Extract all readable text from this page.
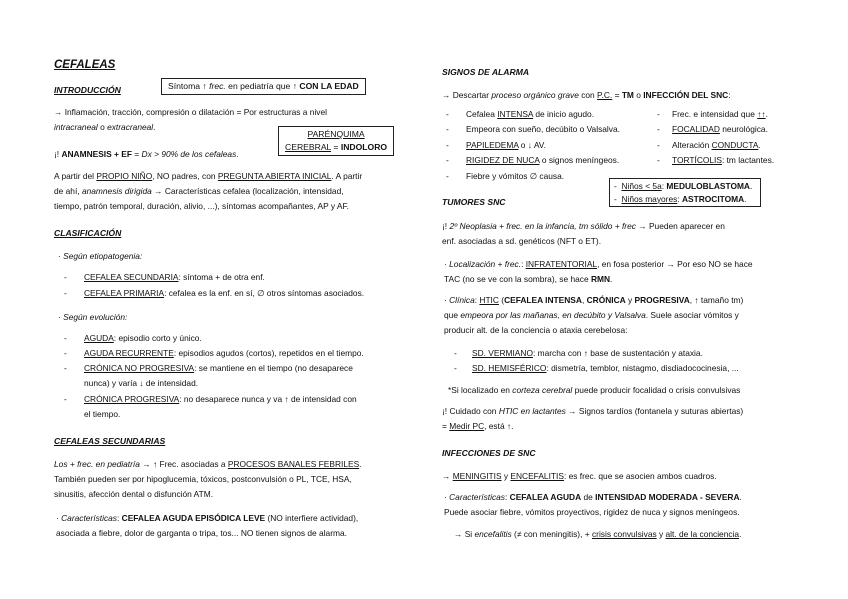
CEFALEAS
INTRODUCCIÓN	Síntoma ↑ frec. en pediatría que ↑ CON LA EDAD
→ Inflamación, tracción, compresión o dilatación = Por estructuras a nivel
intracraneal o extracraneal.
PARÉNQUIMA
CEREBRAL = INDOLORO
¡! ANAMNESIS + EF = Dx > 90% de los cefaleas.
A partir del PROPIO NIÑO, NO padres, con PREGUNTA ABIERTA INICIAL. A partir
de ahí, anamnesis dirigida → Características cefalea (localización, intensidad,
tiempo, patrón temporal, duración, alivio, ...), síntomas acompañantes, AP y AF.
CLASIFICACIÓN
· Según etiopatogenia:
- CEFALEA SECUNDARIA: síntoma + de otra enf.
- CEFALEA PRIMARIA: cefalea es la enf. en sí, ∅ otros síntomas asociados.
· Según evolución:
- AGUDA: episodio corto y único.
- AGUDA RECURRENTE: episodios agudos (cortos), repetidos en el tiempo.
- CRÓNICA NO PROGRESIVA: se mantiene en el tiempo (no desaparece
nunca) y varía ↓ de intensidad.
- CRÓNICA PROGRESIVA: no desaparece nunca y va ↑ de intensidad con
el tiempo.
CEFALEAS SECUNDARIAS
Los + frec. en pediatría → ↑ Frec. asociadas a PROCESOS BANALES FEBRILES.
También pueden ser por hipoglucemia, tóxicos, postconvulsión o PL, TCE, HSA,
sinusitis, afección dental o disfunción ATM.
· Características: CEFALEA AGUDA EPISÓDICA LEVE (NO interfiere actividad),
asociada a fiebre, dolor de garganta o tripa, tos... NO tienen signos de alarma.
SIGNOS DE ALARMA
→ Descartar proceso orgánico grave con P.C. = TM o INFECCIÓN DEL SNC:
- Cefalea INTENSA de inicio agudo.
- Empeora con sueño, decúbito o Valsalva.
- PAPILEDEMA o ↓ AV.
- RIGIDEZ DE NUCA o signos meníngeos.
- Fiebre y vómitos ∅ causa.
- Frec. e intensidad que ↑↑.
- FOCALIDAD neurológica.
- Alteración CONDUCTA.
- TORTÍCOLIS: tm lactantes.
-  Niños < 5a: MEDULOBLASTOMA.
-  Niños mayores: ASTROCITOMA.
TUMORES SNC
¡! 2º Neoplasia + frec. en la infancia, tm sólido + frec → Pueden aparecer en
enf. asociadas a sd. genéticos (NFT o ET).
· Localización + frec.: INFRATENTORIAL, en fosa posterior → Por eso NO se hace
TAC (no se ve con la sombra), se hace RMN.
· Clínica: HTIC (CEFALEA INTENSA, CRÓNICA y PROGRESIVA, ↑ tamaño tm)
que empeora por las mañanas, en decúbito y Valsalva. Suele asociar vómitos y
producir alt. de la conciencia o ataxia cerebelosa:
- SD. VERMIANO: marcha con ↑ base de sustentación y ataxia.
- SD. HEMISFÉRICO: dismetría, temblor, nistagmo, disdiadococinesia, ...
*Si localizado en corteza cerebral puede producir focalidad o crisis convulsivas
¡! Cuidado con HTIC en lactantes → Signos tardíos (fontanela y suturas abiertas)
= Medir PC, está ↑.
INFECCIONES DE SNC
→ MENINGITIS y ENCEFALITIS: es frec. que se asocien ambos cuadros.
· Características: CEFALEA AGUDA de INTENSIDAD MODERADA - SEVERA.
Puede asociar fiebre, vómitos proyectivos, rigidez de nuca y signos meníngeos.
→ Si encefalitis (≠ con meningitis), + crisis convulsivas y alt. de la conciencia.
